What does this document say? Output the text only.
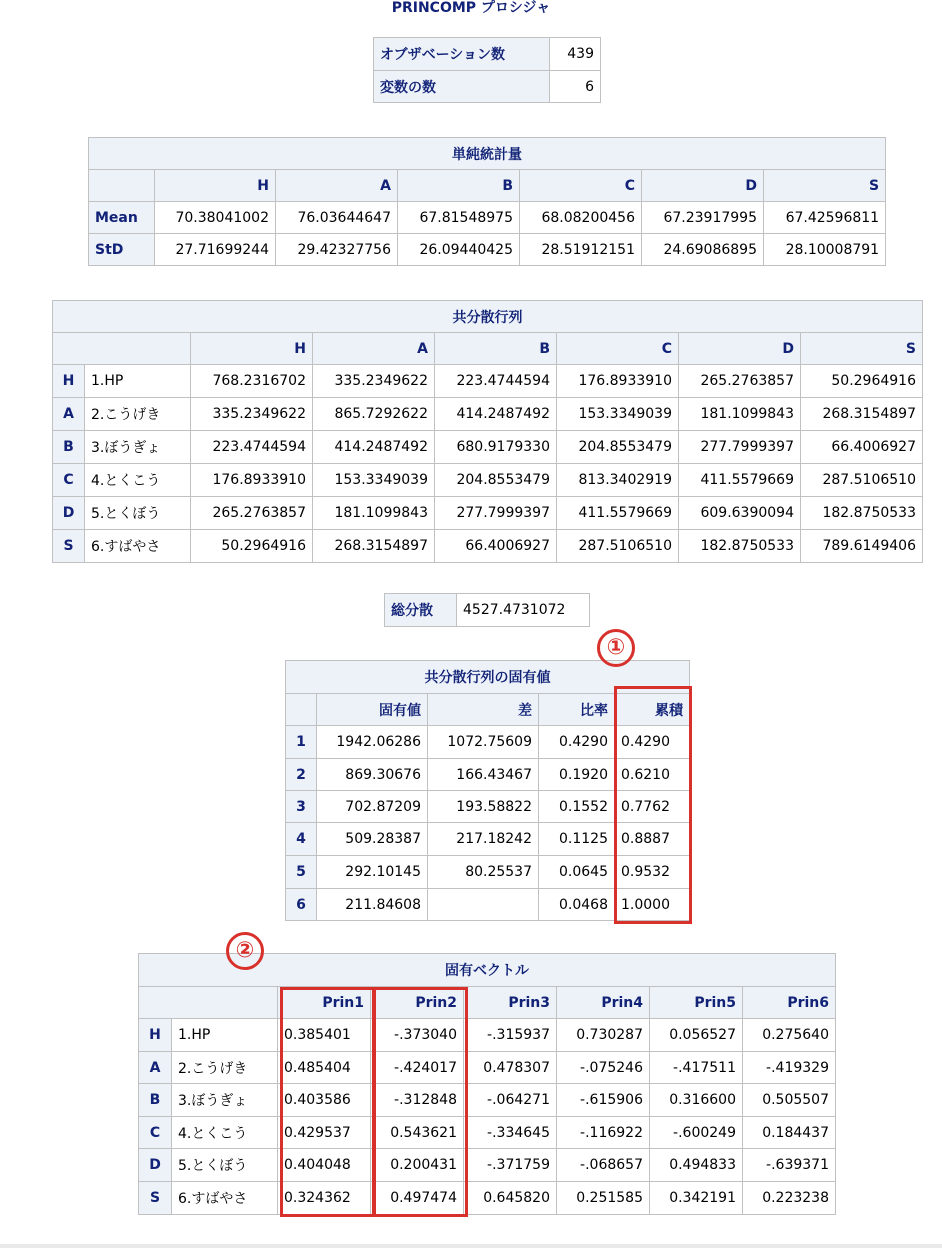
PRINCOMP プロシジャ
オブザベーション数	439
変数の数	6
単純統計量						
	H	A	B	C	D	S
Mean	70.38041002	76.03644647	67.81548975	68.08200456	67.23917995	67.42596811
StD	27.71699244	29.42327756	26.09440425	28.51912151	24.69086895	28.10008791
共分散行列							
		H	A	B	C	D	S
H	1.HP	768.2316702	335.2349622	223.4744594	176.8933910	265.2763857	50.2964916
A	2.こうげき	335.2349622	865.7292622	414.2487492	153.3349039	181.1099843	268.3154897
B	3.ぼうぎょ	223.4744594	414.2487492	680.9179330	204.8553479	277.7999397	66.4006927
C	4.とくこう	176.8933910	153.3349039	204.8553479	813.3402919	411.5579669	287.5106510
D	5.とくぼう	265.2763857	181.1099843	277.7999397	411.5579669	609.6390094	182.8750533
S	6.すばやさ	50.2964916	268.3154897	66.4006927	287.5106510	182.8750533	789.6149406
総分散	4527.4731072
共分散行列の固有値				
	固有値	差	比率	累積
1	1942.06286	1072.75609	0.4290	0.4290
2	869.30676	166.43467	0.1920	0.6210
3	702.87209	193.58822	0.1552	0.7762
4	509.28387	217.18242	0.1125	0.8887
5	292.10145	80.25537	0.0645	0.9532
6	211.84608		0.0468	1.0000
固有ベクトル							
		Prin1	Prin2	Prin3	Prin4	Prin5	Prin6
H	1.HP	0.385401	-.373040	-.315937	0.730287	0.056527	0.275640
A	2.こうげき	0.485404	-.424017	0.478307	-.075246	-.417511	-.419329
B	3.ぼうぎょ	0.403586	-.312848	-.064271	-.615906	0.316600	0.505507
C	4.とくこう	0.429537	0.543621	-.334645	-.116922	-.600249	0.184437
D	5.とくぼう	0.404048	0.200431	-.371759	-.068657	0.494833	-.639371
S	6.すばやさ	0.324362	0.497474	0.645820	0.251585	0.342191	0.223238
①
②
